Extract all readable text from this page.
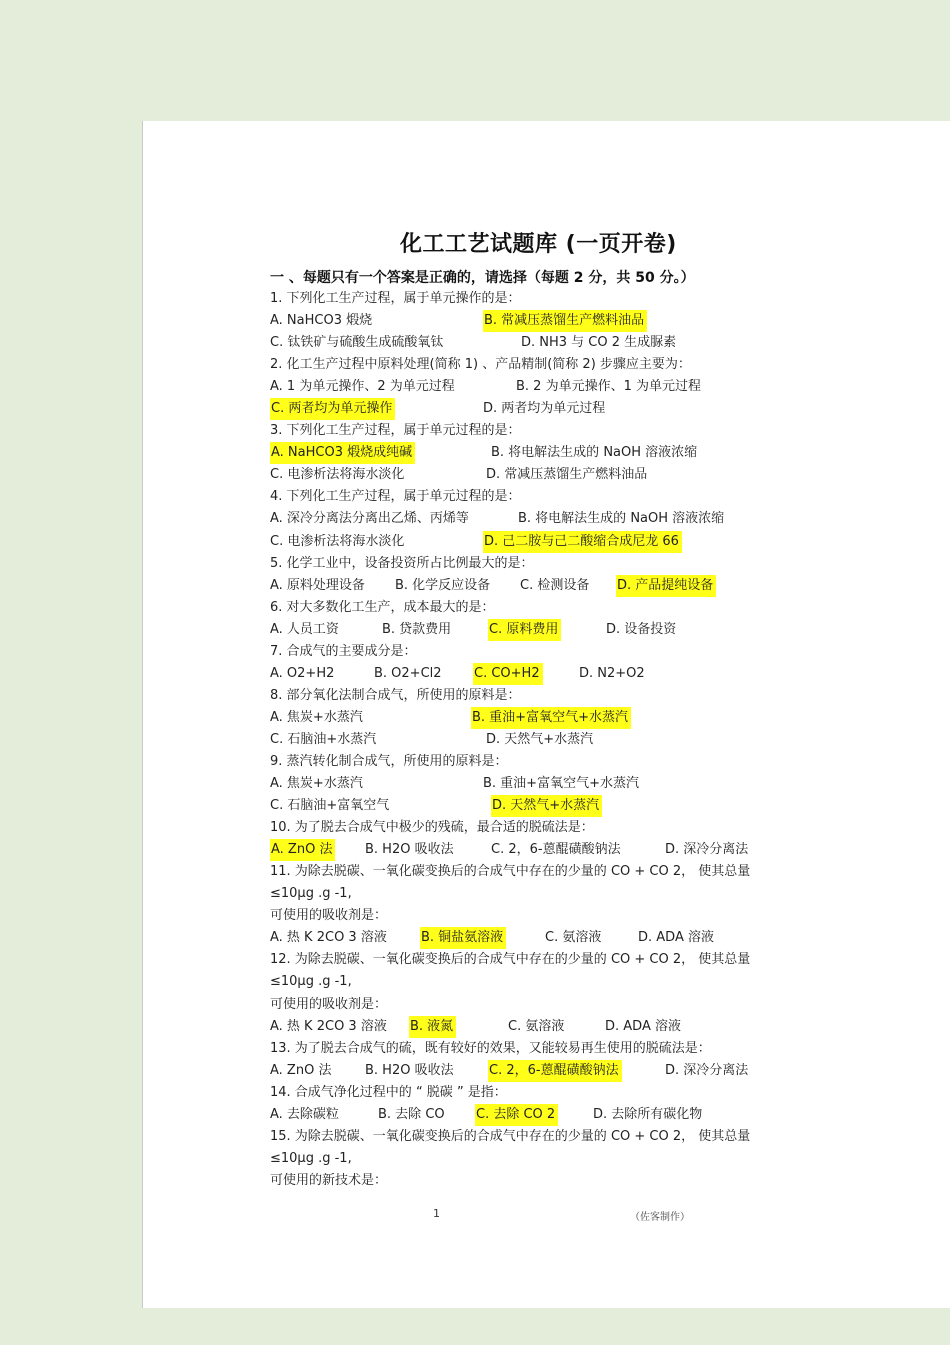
化工工艺试题库 (一页开卷)
一 、每题只有一个答案是正确的，请选择（每题 2 分，共 50 分。）
1. 下列化工生产过程，属于单元操作的是：
A. NaHCO3 煅烧	B. 常减压蒸馏生产燃料油品
C. 钛铁矿与硫酸生成硫酸氧钛	D. NH3 与 CO 2 生成脲素
2. 化工生产过程中原料处理(简称 1) 、产品精制(简称 2) 步骤应主要为：
A. 1 为单元操作、2 为单元过程	B. 2 为单元操作、1 为单元过程
C. 两者均为单元操作	D. 两者均为单元过程
3. 下列化工生产过程，属于单元过程的是：
A. NaHCO3 煅烧成纯碱	B. 将电解法生成的 NaOH 溶液浓缩
C. 电渗析法将海水淡化	D. 常减压蒸馏生产燃料油品
4. 下列化工生产过程，属于单元过程的是：
A. 深冷分离法分离出乙烯、丙烯等	B. 将电解法生成的 NaOH 溶液浓缩
C. 电渗析法将海水淡化	D. 己二胺与己二酸缩合成尼龙 66
5. 化学工业中，设备投资所占比例最大的是：
A. 原料处理设备 B. 化学反应设备 C. 检测设备 D. 产品提纯设备
6. 对大多数化工生产，成本最大的是：
A. 人员工资	B. 贷款费用	C. 原料费用	D. 设备投资
7. 合成气的主要成分是：
A. O2+H2	B. O2+Cl2 C. CO+H2	D. N2+O2
8. 部分氧化法制合成气，所使用的原料是：
A. 焦炭+水蒸汽	B. 重油+富氧空气+水蒸汽
C. 石脑油+水蒸汽	D. 天然气+水蒸汽
9. 蒸汽转化制合成气，所使用的原料是：
A. 焦炭+水蒸汽	B. 重油+富氧空气+水蒸汽
C. 石脑油+富氧空气	D. 天然气+水蒸汽
10. 为了脱去合成气中极少的残硫，最合适的脱硫法是：
A. ZnO 法	B. H2O 吸收法	C. 2，6-蒽醌磺酸钠法	D. 深冷分离法
11. 为除去脱碳、一氧化碳变换后的合成气中存在的少量的 CO + CO 2， 使其总量
≤10μg .g -1,
可使用的吸收剂是：
A. 热 K 2CO 3 溶液	B. 铜盐氨溶液	C. 氨溶液	D. ADA 溶液
12. 为除去脱碳、一氧化碳变换后的合成气中存在的少量的 CO + CO 2， 使其总量
≤10μg .g -1,
可使用的吸收剂是：
A. 热 K 2CO 3 溶液 B. 液氮	C. 氨溶液	D. ADA 溶液
13. 为了脱去合成气的硫，既有较好的效果，又能较易再生使用的脱硫法是：
A. ZnO 法	B. H2O 吸收法	C. 2，6-蒽醌磺酸钠法	D. 深冷分离法
14. 合成气净化过程中的 “ 脱碳 ” 是指：
A. 去除碳粒	B. 去除 CO C. 去除 CO 2	D. 去除所有碳化物
15. 为除去脱碳、一氧化碳变换后的合成气中存在的少量的 CO + CO 2， 使其总量
≤10μg .g -1,
可使用的新技术是：
1	（佐客制作）
